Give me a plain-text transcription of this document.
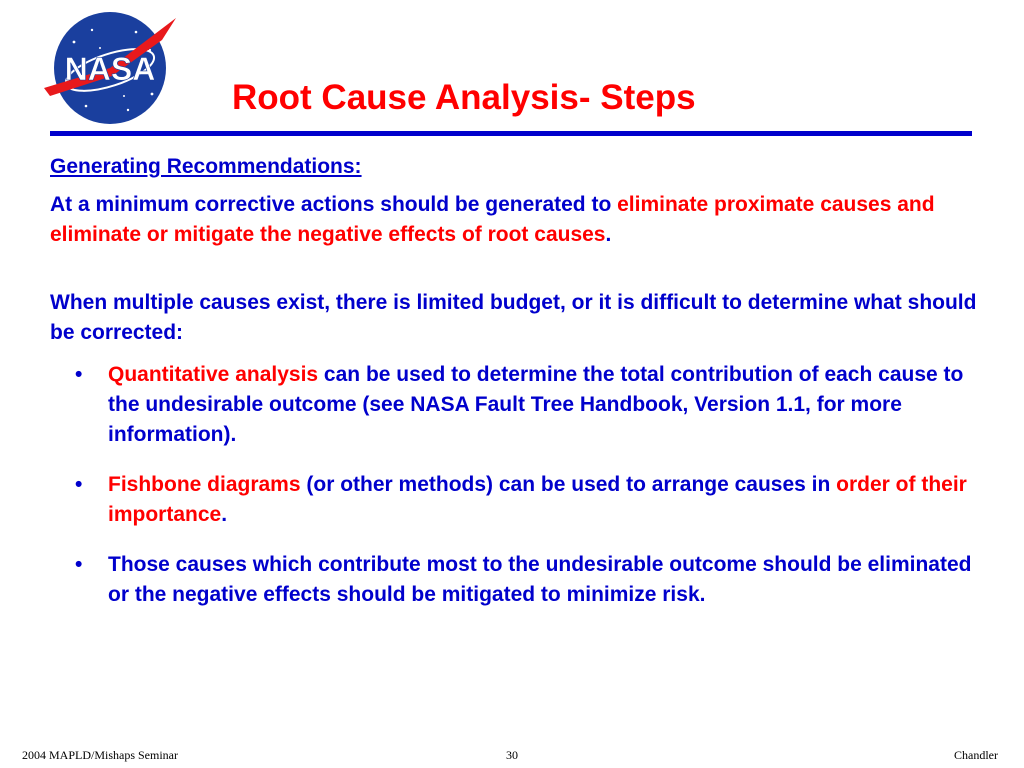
NASA
Root Cause Analysis- Steps

Generating Recommendations:

At a minimum corrective actions should be generated to eliminate proximate causes and eliminate or mitigate the negative effects of root causes.

When multiple causes exist, there is limited budget, or it is difficult to determine what should be corrected:

• Quantitative analysis can be used to determine the total contribution of each cause to the undesirable outcome (see NASA Fault Tree Handbook, Version 1.1, for more information).
• Fishbone diagrams (or other methods) can be used to arrange causes in order of their importance.
• Those causes which contribute most to the undesirable outcome should be eliminated or the negative effects should be mitigated to minimize risk.
2004 MAPLD/Mishaps Seminar	30	Chandler
